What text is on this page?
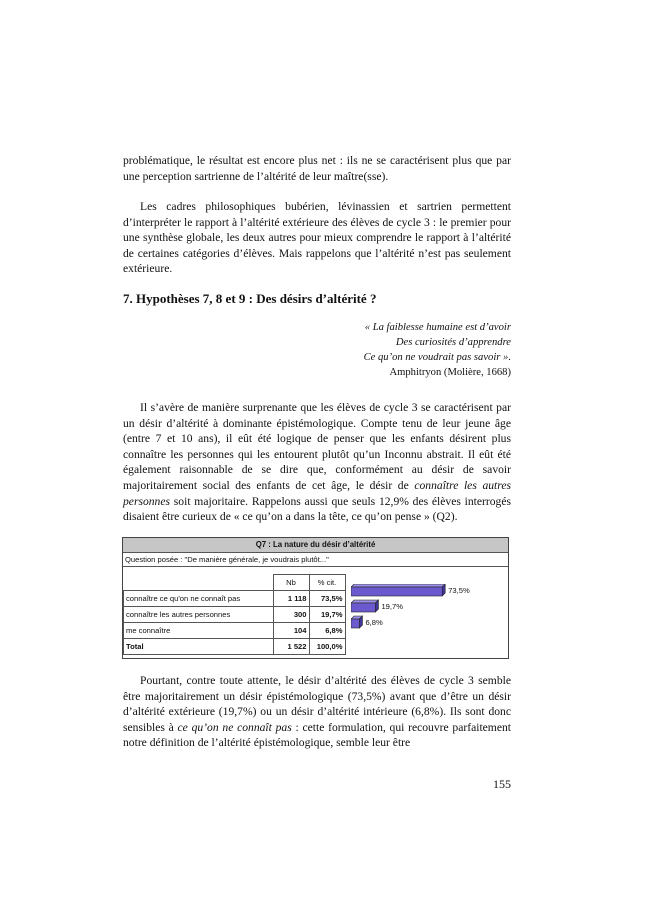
problématique, le résultat est encore plus net : ils ne se caractérisent plus que par une perception sartrienne de l’altérité de leur maître(sse).

Les cadres philosophiques bubérien, lévinassien et sartrien permettent d’interpréter le rapport à l’altérité extérieure des élèves de cycle 3 : le premier pour une synthèse globale, les deux autres pour mieux comprendre le rapport à l’altérité de certaines catégories d’élèves. Mais rappelons que l’altérité n’est pas seulement extérieure.

7. Hypothèses 7, 8 et 9 : Des désirs d’altérité ?
« La faiblesse humaine est d’avoir
Des curiosités d’apprendre
Ce qu’on ne voudrait pas savoir ».
Amphitryon (Molière, 1668)

Il s’avère de manière surprenante que les élèves de cycle 3 se caractérisent par un désir d’altérité à dominante épistémologique. Compte tenu de leur jeune âge (entre 7 et 10 ans), il eût été logique de penser que les enfants désirent plus connaître les personnes qui les entourent plutôt qu’un Inconnu abstrait. Il eût été également raisonnable de se dire que, conformément au désir de savoir majoritairement social des enfants de cet âge, le désir de connaître les autres personnes soit majoritaire. Rappelons aussi que seuls 12,9% des élèves interrogés disaient être curieux de « ce qu’on a dans la tête, ce qu’on pense » (Q2).

Q7 : La nature du désir d’altérité
Question posée : "De manière générale, je voudrais plutôt..."
	Nb	% cit.
connaître ce qu'on ne connaît pas	1 118	73,5%
connaître les autres personnes	300	19,7%
me connaître	104	6,8%
Total	1 522	100,0%
73,5%
19,7%
6,8%

Pourtant, contre toute attente, le désir d’altérité des élèves de cycle 3 semble être majoritairement un désir épistémologique (73,5%) avant que d’être un désir d’altérité extérieure (19,7%) ou un désir d’altérité intérieure (6,8%). Ils sont donc sensibles à ce qu’on ne connaît pas : cette formulation, qui recouvre parfaitement notre définition de l’altérité épistémologique, semble leur être

155
